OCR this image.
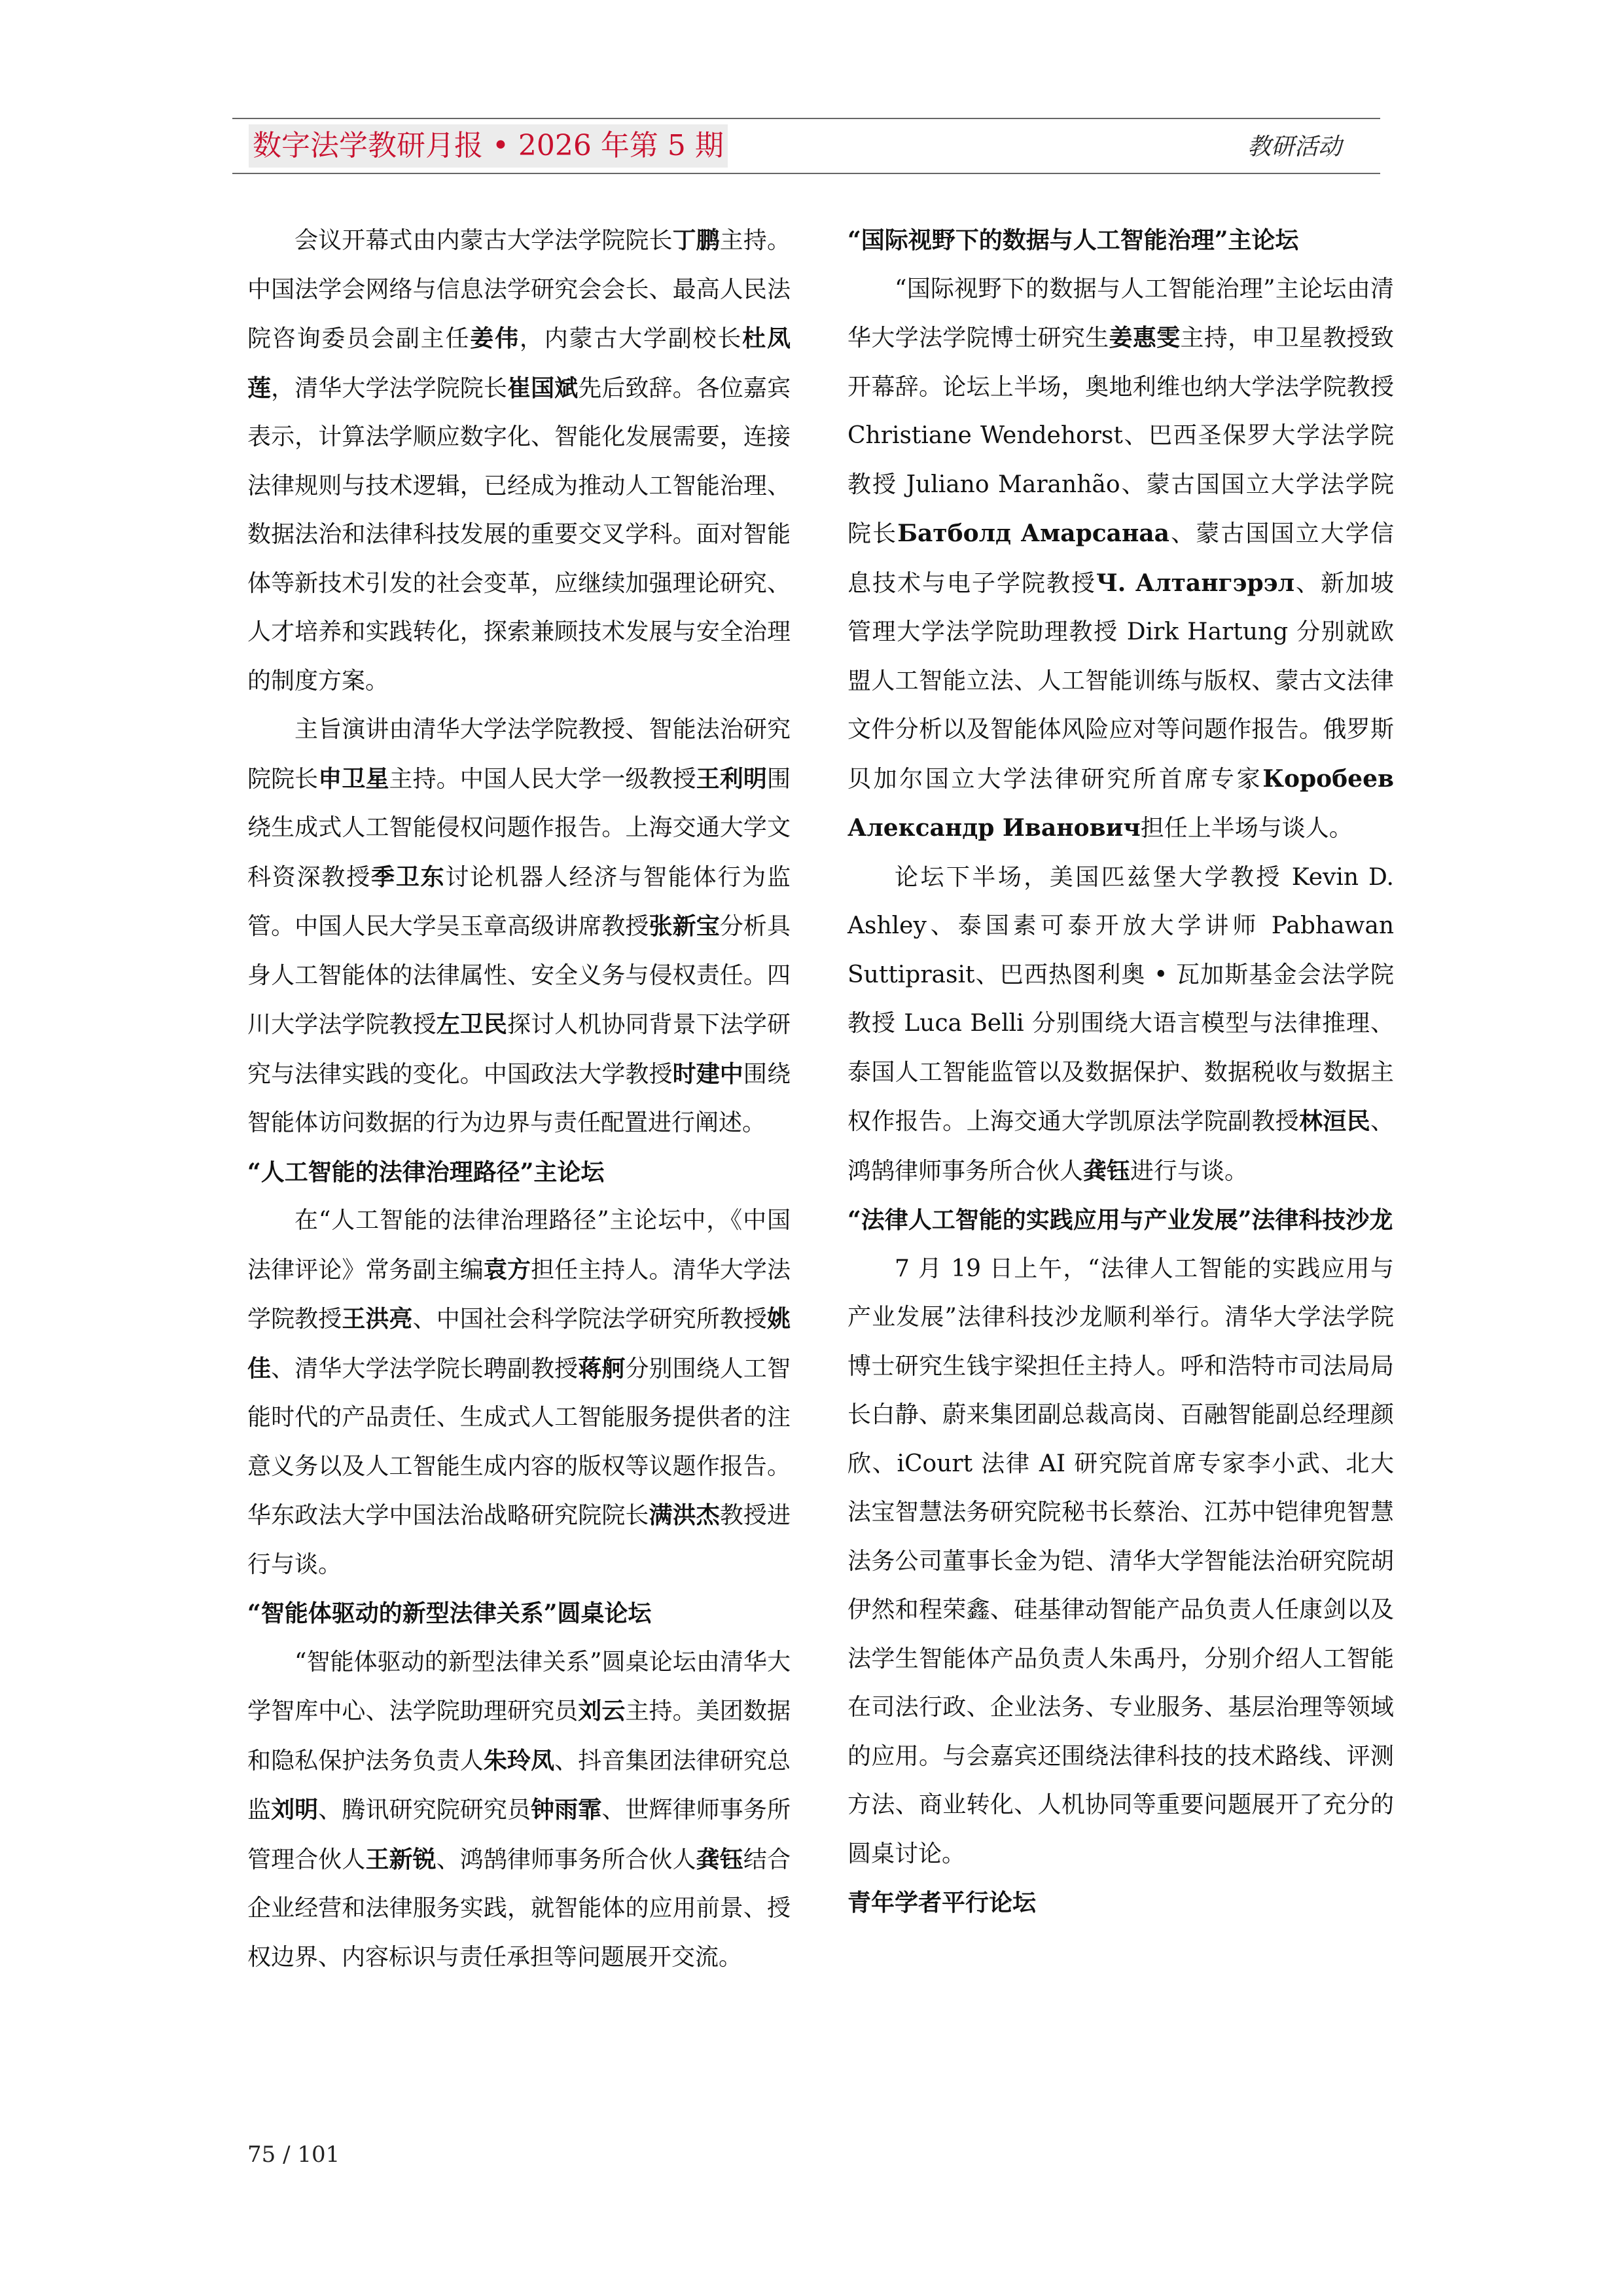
数字法学教研月报 • 2026 年第 5 期	教研活动

会议开幕式由内蒙古大学法学院院长丁鹏主持。中国法学会网络与信息法学研究会会长、最高人民法院咨询委员会副主任姜伟，内蒙古大学副校长杜凤莲，清华大学法学院院长崔国斌先后致辞。各位嘉宾表示，计算法学顺应数字化、智能化发展需要，连接法律规则与技术逻辑，已经成为推动人工智能治理、数据法治和法律科技发展的重要交叉学科。面对智能体等新技术引发的社会变革，应继续加强理论研究、人才培养和实践转化，探索兼顾技术发展与安全治理的制度方案。

主旨演讲由清华大学法学院教授、智能法治研究院院长申卫星主持。中国人民大学一级教授王利明围绕生成式人工智能侵权问题作报告。上海交通大学文科资深教授季卫东讨论机器人经济与智能体行为监管。中国人民大学吴玉章高级讲席教授张新宝分析具身人工智能体的法律属性、安全义务与侵权责任。四川大学法学院教授左卫民探讨人机协同背景下法学研究与法律实践的变化。中国政法大学教授时建中围绕智能体访问数据的行为边界与责任配置进行阐述。

“人工智能的法律治理路径”主论坛

在“人工智能的法律治理路径”主论坛中，《中国法律评论》常务副主编袁方担任主持人。清华大学法学院教授王洪亮、中国社会科学院法学研究所教授姚佳、清华大学法学院长聘副教授蒋舸分别围绕人工智能时代的产品责任、生成式人工智能服务提供者的注意义务以及人工智能生成内容的版权等议题作报告。华东政法大学中国法治战略研究院院长满洪杰教授进行与谈。

“智能体驱动的新型法律关系”圆桌论坛

“智能体驱动的新型法律关系”圆桌论坛由清华大学智库中心、法学院助理研究员刘云主持。美团数据和隐私保护法务负责人朱玲凤、抖音集团法律研究总监刘明、腾讯研究院研究员钟雨霏、世辉律师事务所管理合伙人王新锐、鸿鹄律师事务所合伙人龚钰结合企业经营和法律服务实践，就智能体的应用前景、授权边界、内容标识与责任承担等问题展开交流。

“国际视野下的数据与人工智能治理”主论坛

“国际视野下的数据与人工智能治理”主论坛由清华大学法学院博士研究生姜惠雯主持，申卫星教授致开幕辞。论坛上半场，奥地利维也纳大学法学院教授 Christiane Wendehorst、巴西圣保罗大学法学院教授 Juliano Maranhão、蒙古国国立大学法学院院长Батболд Амарсанаа、蒙古国国立大学信息技术与电子学院教授Ч. Алтангэрэл、新加坡管理大学法学院助理教授 Dirk Hartung 分别就欧盟人工智能立法、人工智能训练与版权、蒙古文法律文件分析以及智能体风险应对等问题作报告。俄罗斯贝加尔国立大学法律研究所首席专家Коробеев Александр Иванович担任上半场与谈人。

论坛下半场，美国匹兹堡大学教授 Kevin D. Ashley、泰国素可泰开放大学讲师 Pabhawan Suttiprasit、巴西热图利奥 • 瓦加斯基金会法学院教授 Luca Belli 分别围绕大语言模型与法律推理、泰国人工智能监管以及数据保护、数据税收与数据主权作报告。上海交通大学凯原法学院副教授林洹民、鸿鹄律师事务所合伙人龚钰进行与谈。

“法律人工智能的实践应用与产业发展”法律科技沙龙

7 月 19 日上午，“法律人工智能的实践应用与产业发展”法律科技沙龙顺利举行。清华大学法学院博士研究生钱宇梁担任主持人。呼和浩特市司法局局长白静、蔚来集团副总裁高岗、百融智能副总经理颜欣、iCourt 法律 AI 研究院首席专家李小武、北大法宝智慧法务研究院秘书长蔡治、江苏中铠律兜智慧法务公司董事长金为铠、清华大学智能法治研究院胡伊然和程荣鑫、硅基律动智能产品负责人任康剑以及法学生智能体产品负责人朱禹丹，分别介绍人工智能在司法行政、企业法务、专业服务、基层治理等领域的应用。与会嘉宾还围绕法律科技的技术路线、评测方法、商业转化、人机协同等重要问题展开了充分的圆桌讨论。

青年学者平行论坛

75 / 101
